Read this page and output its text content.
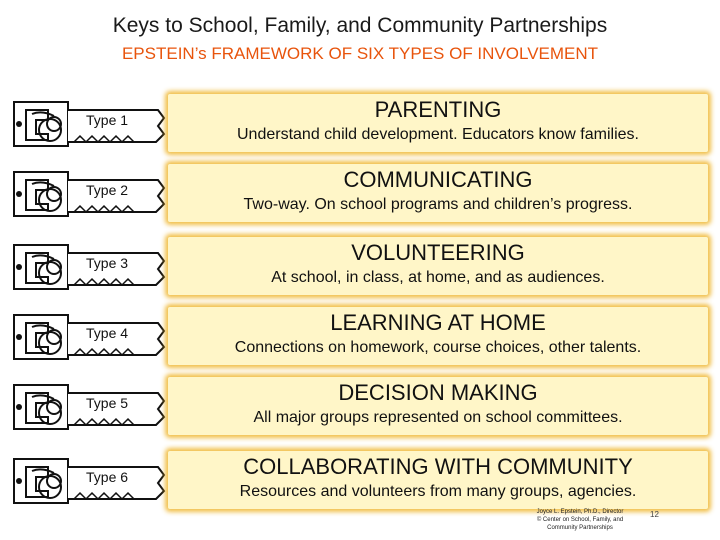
Keys to School, Family, and Community Partnerships
EPSTEIN’s FRAMEWORK OF SIX TYPES OF INVOLVEMENT
Type 1	PARENTING
Understand child development. Educators know families.
Type 2	COMMUNICATING
Two-way. On school programs and children’s progress.
Type 3	VOLUNTEERING
At school, in class, at home, and as audiences.
Type 4	LEARNING AT HOME
Connections on homework, course choices, other talents.
Type 5	DECISION MAKING
All major groups represented on school committees.
Type 6	COLLABORATING WITH COMMUNITY
Resources and volunteers from many groups, agencies.
Joyce L. Epstein, Ph.D., Director
© Center on School, Family, and
Community Partnerships
12
